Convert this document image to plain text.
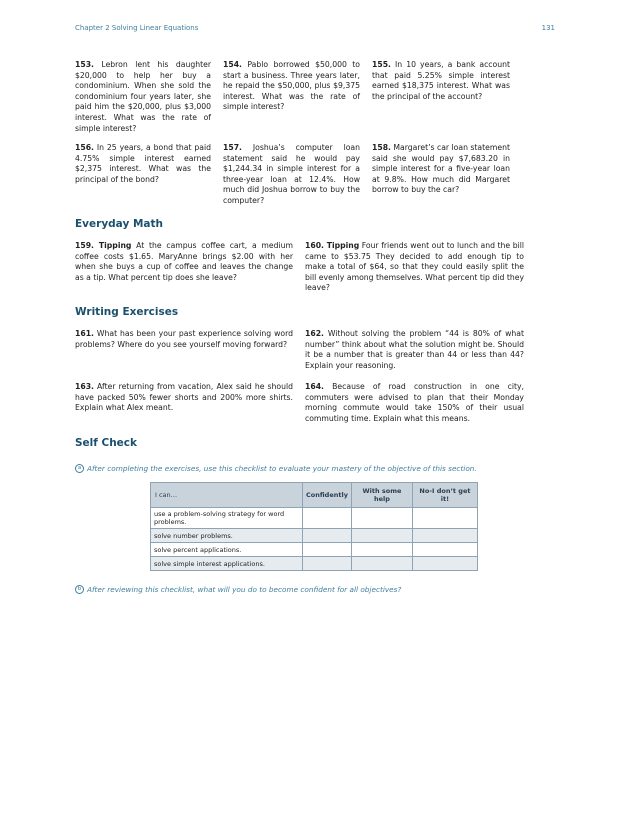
Chapter 2 Solving Linear Equations	131
153. Lebron lent his daughter $20,000 to help her buy a condominium. When she sold the condominium four years later, she paid him the $20,000, plus $3,000 interest. What was the rate of simple interest?
154. Pablo borrowed $50,000 to start a business. Three years later, he repaid the $50,000, plus $9,375 interest. What was the rate of simple interest?
155. In 10 years, a bank account that paid 5.25% simple interest earned $18,375 interest. What was the principal of the account?
156. In 25 years, a bond that paid 4.75% simple interest earned $2,375 interest. What was the principal of the bond?
157. Joshua’s computer loan statement said he would pay $1,244.34 in simple interest for a three-year loan at 12.4%. How much did Joshua borrow to buy the computer?
158. Margaret’s car loan statement said she would pay $7,683.20 in simple interest for a five-year loan at 9.8%. How much did Margaret borrow to buy the car?
Everyday Math
159. Tipping At the campus coffee cart, a medium coffee costs $1.65. MaryAnne brings $2.00 with her when she buys a cup of coffee and leaves the change as a tip. What percent tip does she leave?
160. Tipping Four friends went out to lunch and the bill came to $53.75 They decided to add enough tip to make a total of $64, so that they could easily split the bill evenly among themselves. What percent tip did they leave?
Writing Exercises
161. What has been your past experience solving word problems? Where do you see yourself moving forward?
162. Without solving the problem “44 is 80% of what number” think about what the solution might be. Should it be a number that is greater than 44 or less than 44? Explain your reasoning.
163. After returning from vacation, Alex said he should have packed 50% fewer shorts and 200% more shirts. Explain what Alex meant.
164. Because of road construction in one city, commuters were advised to plan that their Monday morning commute would take 150% of their usual commuting time. Explain what this means.
Self Check
a After completing the exercises, use this checklist to evaluate your mastery of the objective of this section.
I can…	Confidently	With some help	No-I don’t get it!
use a problem-solving strategy for word problems.			
solve number problems.			
solve percent applications.			
solve simple interest applications.			
b After reviewing this checklist, what will you do to become confident for all objectives?
